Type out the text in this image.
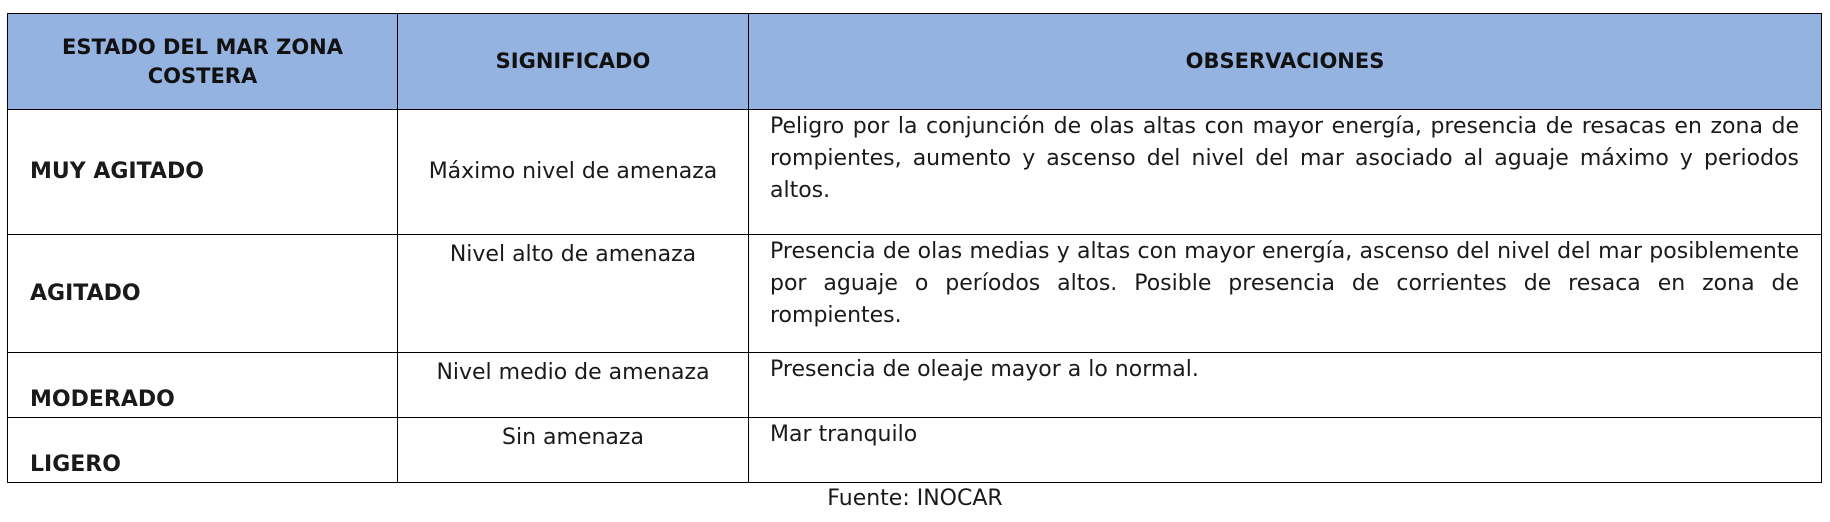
ESTADO DEL MAR ZONA COSTERA	SIGNIFICADO	OBSERVACIONES
MUY AGITADO	Máximo nivel de amenaza	Peligro por la conjunción de olas altas con mayor energía, presencia de resacas en zona de rompientes, aumento y ascenso del nivel del mar asociado al aguaje máximo y periodos altos.
AGITADO	Nivel alto de amenaza	Presencia de olas medias y altas con mayor energía, ascenso del nivel del mar posiblemente por aguaje o períodos altos. Posible presencia de corrientes de resaca en zona de rompientes.
MODERADO	Nivel medio de amenaza	Presencia de oleaje mayor a lo normal.
LIGERO	Sin amenaza	Mar tranquilo
Fuente: INOCAR
